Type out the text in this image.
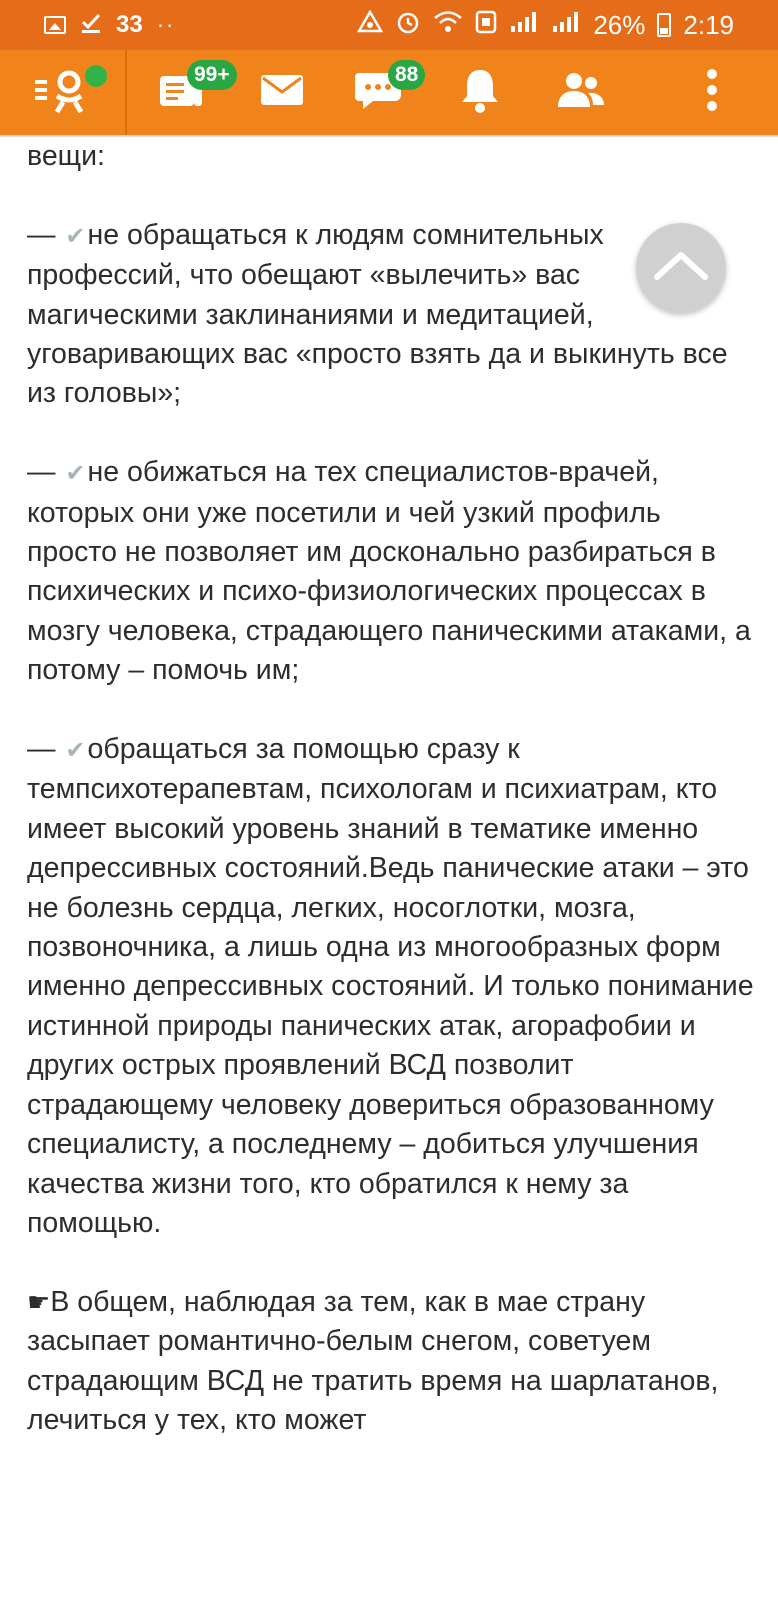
33 ··	26% 2:19
99+	88

вещи:

— ✔не обращаться к людям сомнительных профессий, что обещают «вылечить» вас магическими заклинаниями и медитацией, уговаривающих вас «просто взять да и выкинуть все из головы»;

— ✔не обижаться на тех специалистов-врачей, которых они уже посетили и чей узкий профиль просто не позволяет им досконально разбираться в психических и психо-физиологических процессах в мозгу человека, страдающего паническими атаками, а потому – помочь им;

— ✔обращаться за помощью сразу к темпсихотерапевтам, психологам и психиатрам, кто имеет высокий уровень знаний в тематике именно депрессивных состояний.Ведь панические атаки – это не болезнь сердца, легких, носоглотки, мозга, позвоночника, а лишь одна из многообразных форм именно депрессивных состояний. И только понимание истинной природы панических атак, агорафобии и других острых проявлений ВСД позволит страдающему человеку довериться образованному специалисту, а последнему – добиться улучшения качества жизни того, кто обратился к нему за помощью.

☛В общем, наблюдая за тем, как в мае страну засыпает романтично-белым снегом, советуем страдающим ВСД не тратить время на шарлатанов, лечиться у тех, кто может
